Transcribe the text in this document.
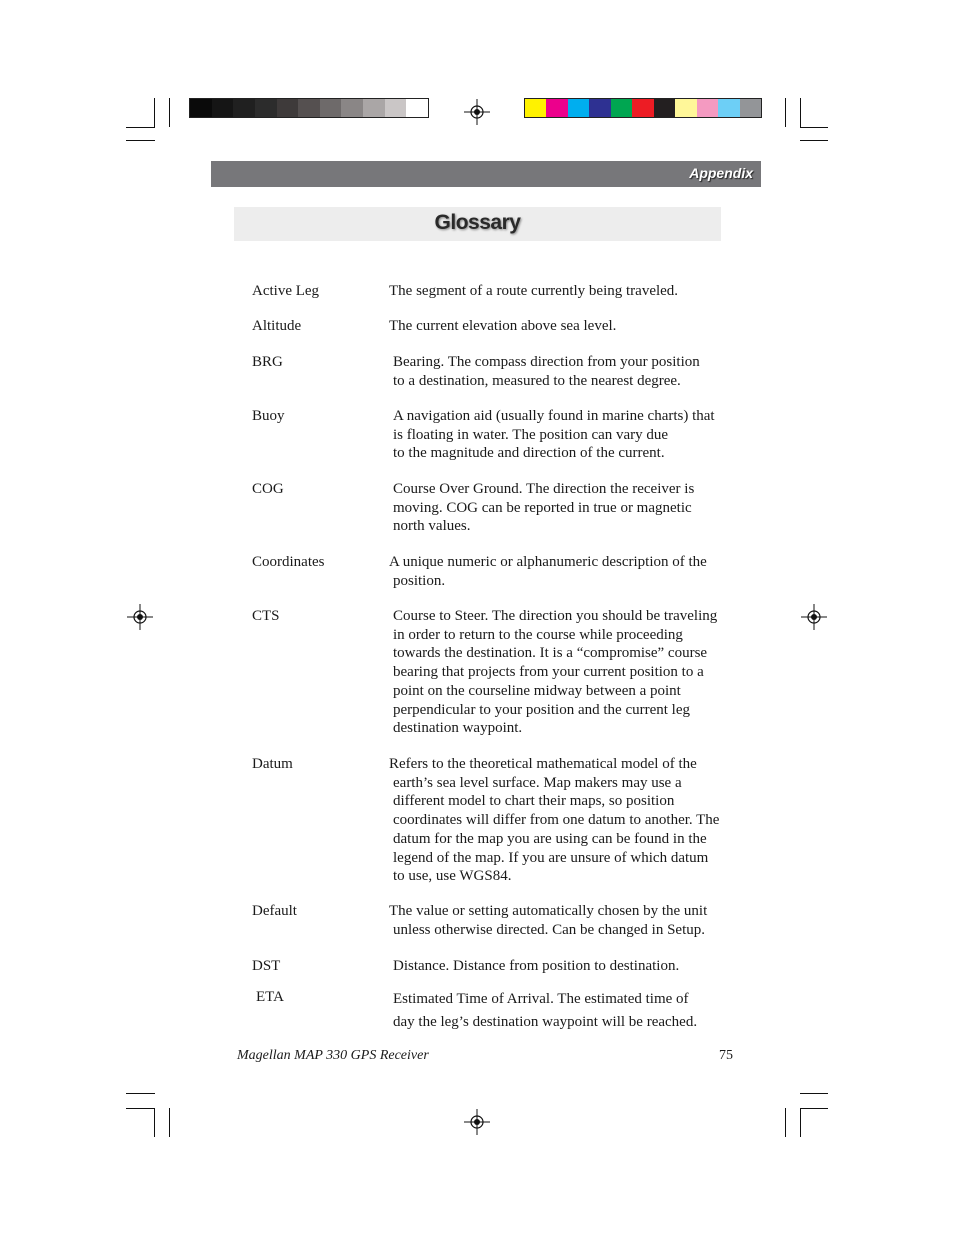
Appendix
Glossary
Active Leg	The segment of a route currently being traveled.
Altitude	The current elevation above sea level.
BRG	Bearing. The compass direction from your position
to a destination, measured to the nearest degree.
Buoy	A navigation aid (usually found in marine charts) that
is floating in water. The position can vary due
to the magnitude and direction of the current.
COG	Course Over Ground. The direction the receiver is
moving. COG can be reported in true or magnetic
north values.
Coordinates	A unique numeric or alphanumeric description of the
position.
CTS	Course to Steer. The direction you should be traveling
in order to return to the course while proceeding
towards the destination. It is a “compromise” course
bearing that projects from your current position to a
point on the courseline midway between a point
perpendicular to your position and the current leg
destination waypoint.
Datum	Refers to the theoretical mathematical model of the
earth’s sea level surface. Map makers may use a
different model to chart their maps, so position
coordinates will differ from one datum to another. The
datum for the map you are using can be found in the
legend of the map. If you are unsure of which datum
to use, use WGS84.
Default	The value or setting automatically chosen by the unit
unless otherwise directed. Can be changed in Setup.
DST	Distance. Distance from position to destination.
ETA	Estimated Time of Arrival. The estimated time of
day the leg’s destination waypoint will be reached.
Magellan MAP 330 GPS Receiver	75
